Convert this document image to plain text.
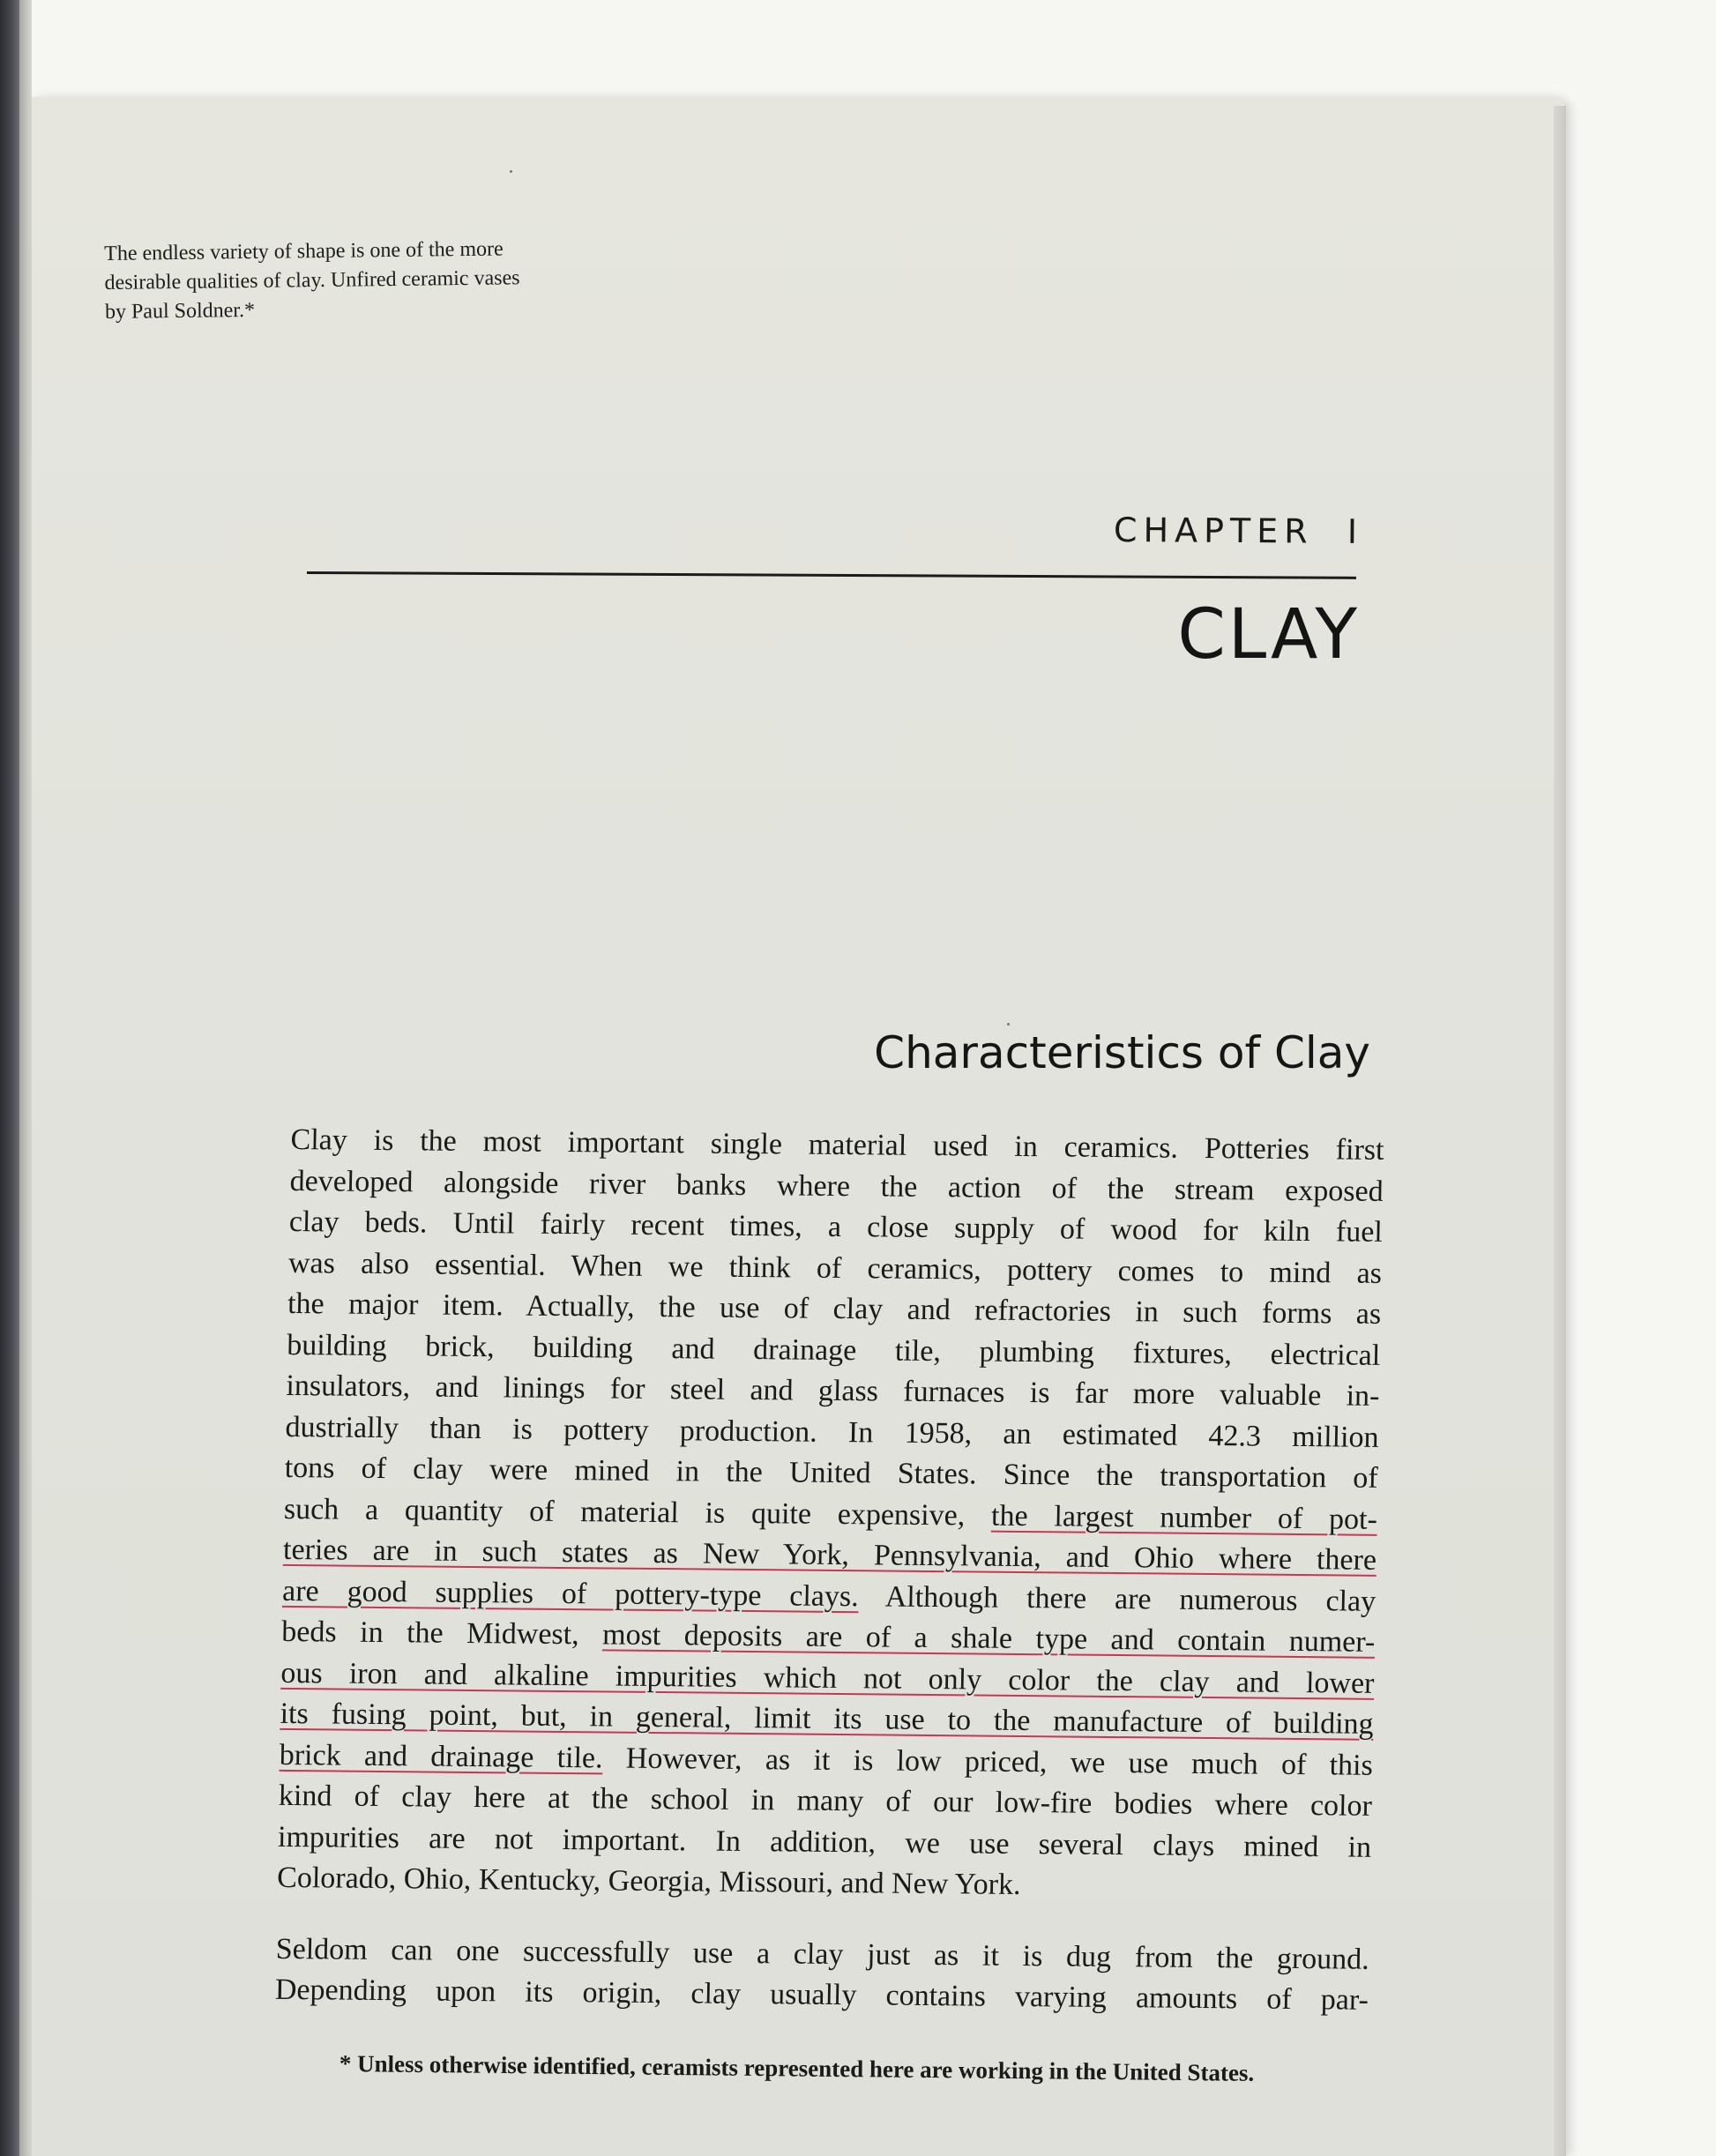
The endless variety of shape is one of the more
desirable qualities of clay. Unfired ceramic vases
by Paul Soldner.*
CHAPTER  I
CLAY
Characteristics of Clay
Clay is the most important single material used in ceramics. Potteries first
developed alongside river banks where the action of the stream exposed
clay beds. Until fairly recent times, a close supply of wood for kiln fuel
was also essential. When we think of ceramics, pottery comes to mind as
the major item. Actually, the use of clay and refractories in such forms as
building brick, building and drainage tile, plumbing fixtures, electrical
insulators, and linings for steel and glass furnaces is far more valuable in-
dustrially than is pottery production. In 1958, an estimated 42.3 million
tons of clay were mined in the United States. Since the transportation of
such a quantity of material is quite expensive, the largest number of pot-
teries are in such states as New York, Pennsylvania, and Ohio where there
are good supplies of pottery-type clays. Although there are numerous clay
beds in the Midwest, most deposits are of a shale type and contain numer-
ous iron and alkaline impurities which not only color the clay and lower
its fusing point, but, in general, limit its use to the manufacture of building
brick and drainage tile. However, as it is low priced, we use much of this
kind of clay here at the school in many of our low-fire bodies where color
impurities are not important. In addition, we use several clays mined in
Colorado, Ohio, Kentucky, Georgia, Missouri, and New York.
Seldom can one successfully use a clay just as it is dug from the ground.
Depending upon its origin, clay usually contains varying amounts of par-
* Unless otherwise identified, ceramists represented here are working in the United States.
